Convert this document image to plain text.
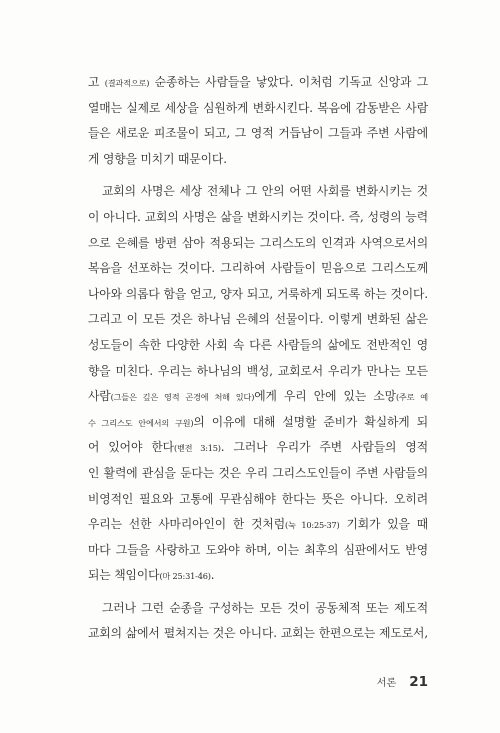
고 (결과적으로) 순종하는 사람들을 낳았다. 이처럼 기독교 신앙과 그
열매는 실제로 세상을 심원하게 변화시킨다. 복음에 감동받은 사람
들은 새로운 피조물이 되고, 그 영적 거듭남이 그들과 주변 사람에
게 영향을 미치기 때문이다.
교회의 사명은 세상 전체나 그 안의 어떤 사회를 변화시키는 것
이 아니다. 교회의 사명은 삶을 변화시키는 것이다. 즉, 성령의 능력
으로 은혜를 방편 삼아 적용되는 그리스도의 인격과 사역으로서의
복음을 선포하는 것이다. 그리하여 사람들이 믿음으로 그리스도께
나아와 의롭다 함을 얻고, 양자 되고, 거룩하게 되도록 하는 것이다.
그리고 이 모든 것은 하나님 은혜의 선물이다. 이렇게 변화된 삶은
성도들이 속한 다양한 사회 속 다른 사람들의 삶에도 전반적인 영
향을 미친다. 우리는 하나님의 백성, 교회로서 우리가 만나는 모든
사람(그들은 깊은 영적 곤경에 처해 있다)에게 우리 안에 있는 소망(주로 예
수 그리스도 안에서의 구원)의 이유에 대해 설명할 준비가 확실하게 되
어 있어야 한다(벧전 3:15). 그러나 우리가 주변 사람들의 영적
인 활력에 관심을 둔다는 것은 우리 그리스도인들이 주변 사람들의
비영적인 필요와 고통에 무관심해야 한다는 뜻은 아니다. 오히려
우리는 선한 사마리아인이 한 것처럼(눅 10:25-37) 기회가 있을 때
마다 그들을 사랑하고 도와야 하며, 이는 최후의 심판에서도 반영
되는 책임이다(마 25:31-46).
그러나 그런 순종을 구성하는 모든 것이 공동체적 또는 제도적
교회의 삶에서 펼쳐지는 것은 아니다. 교회는 한편으로는 제도로서,
서론 21
